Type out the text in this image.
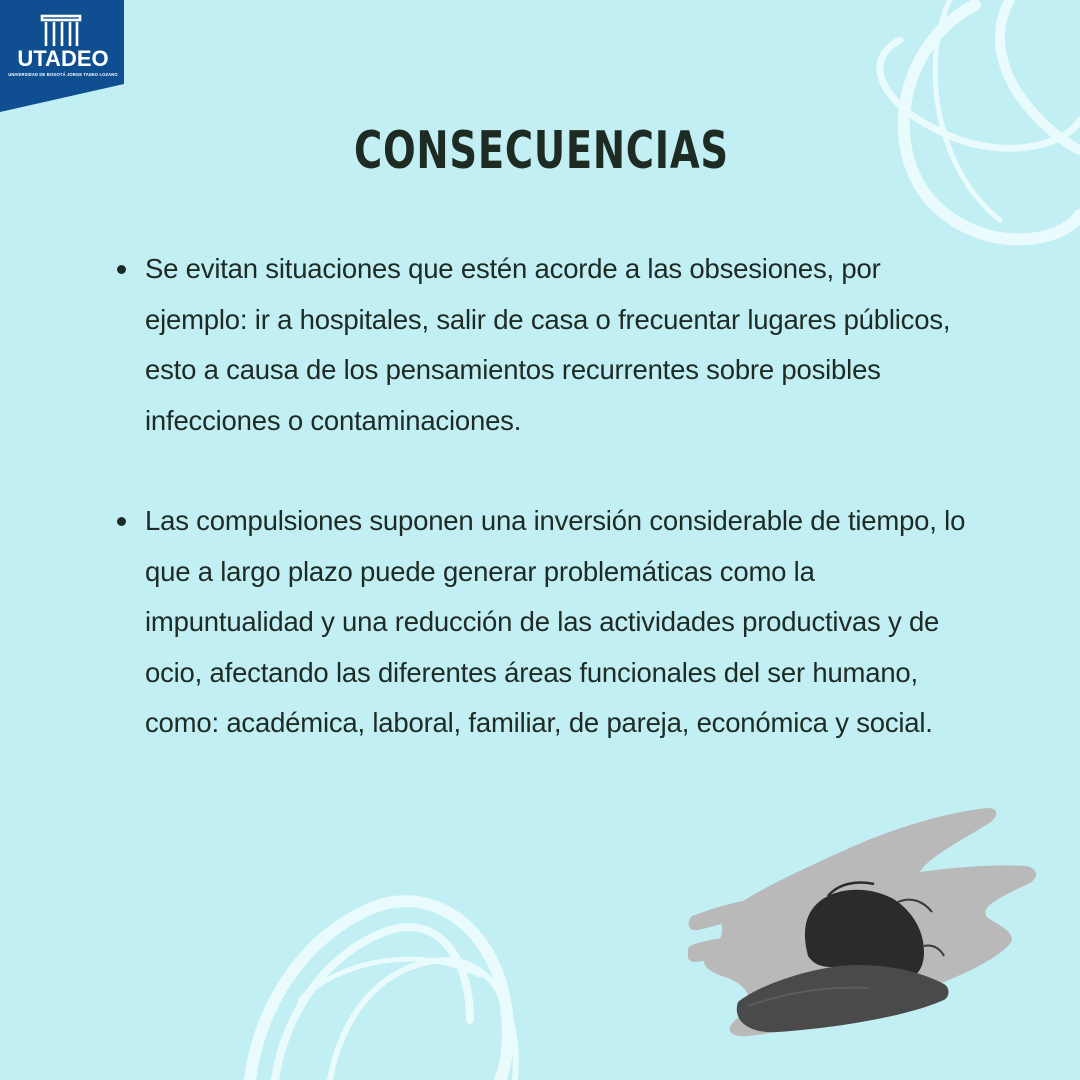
UTADEO
UNIVERSIDAD DE BOGOTÁ JORGE TADEO LOZANO
CONSECUENCIAS
Se evitan situaciones que estén acorde a las obsesiones, por ejemplo: ir a hospitales, salir de casa o frecuentar lugares públicos, esto a causa de los pensamientos recurrentes sobre posibles infecciones o contaminaciones.
Las compulsiones suponen una inversión considerable de tiempo, lo que a largo plazo puede generar problemáticas como la impuntualidad y una reducción de las actividades productivas y de ocio, afectando las diferentes áreas funcionales del ser humano, como: académica, laboral, familiar, de pareja, económica y social.
